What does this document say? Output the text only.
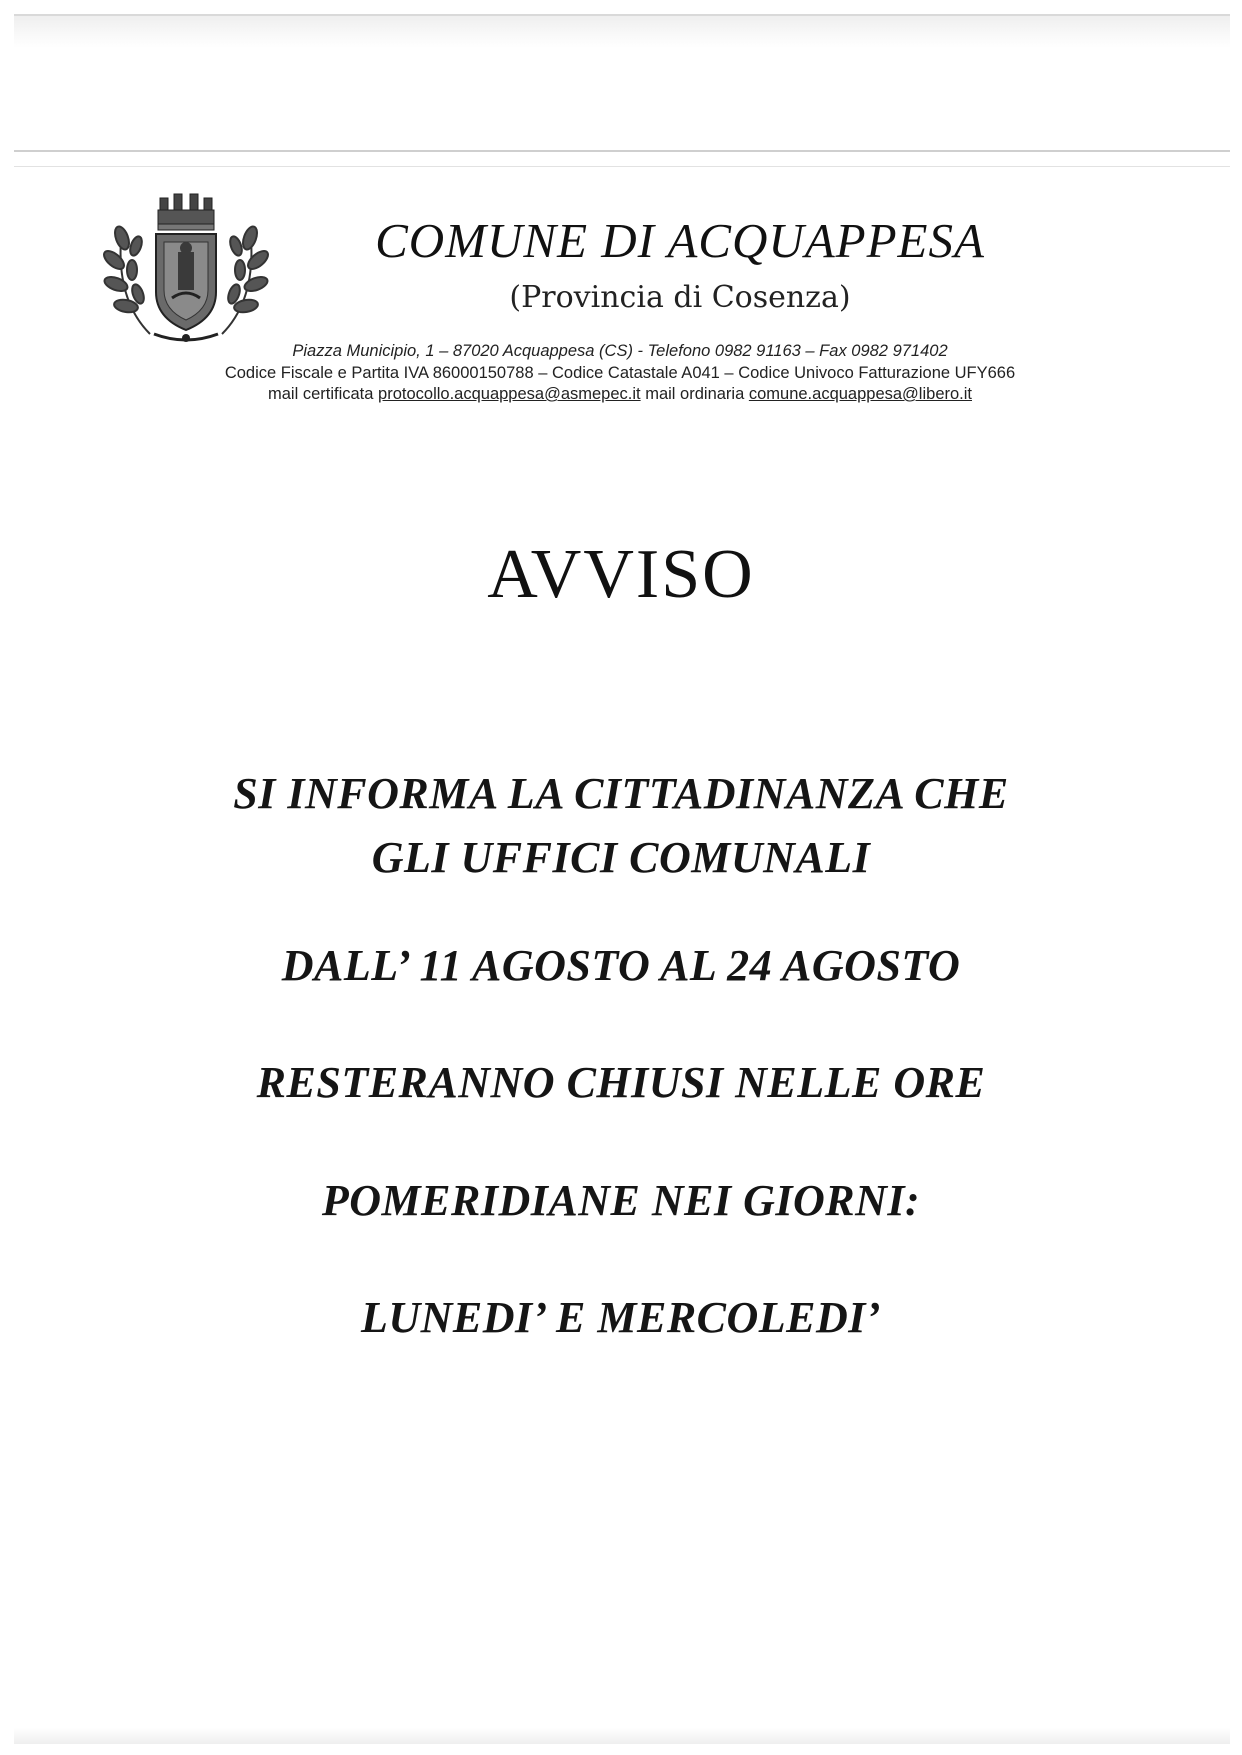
COMUNE DI ACQUAPPESA
(Provincia di Cosenza)
Piazza Municipio, 1 – 87020 Acquappesa (CS) - Telefono 0982 91163 – Fax 0982 971402
Codice Fiscale e Partita IVA 86000150788 – Codice Catastale A041 – Codice Univoco Fatturazione UFY666
mail certificata protocollo.acquappesa@asmepec.it mail ordinaria comune.acquappesa@libero.it
AVVISO
SI INFORMA LA CITTADINANZA CHE
GLI UFFICI COMUNALI
DALL’ 11 AGOSTO AL 24 AGOSTO
RESTERANNO CHIUSI NELLE ORE
POMERIDIANE NEI GIORNI:
LUNEDI’ E MERCOLEDI’
